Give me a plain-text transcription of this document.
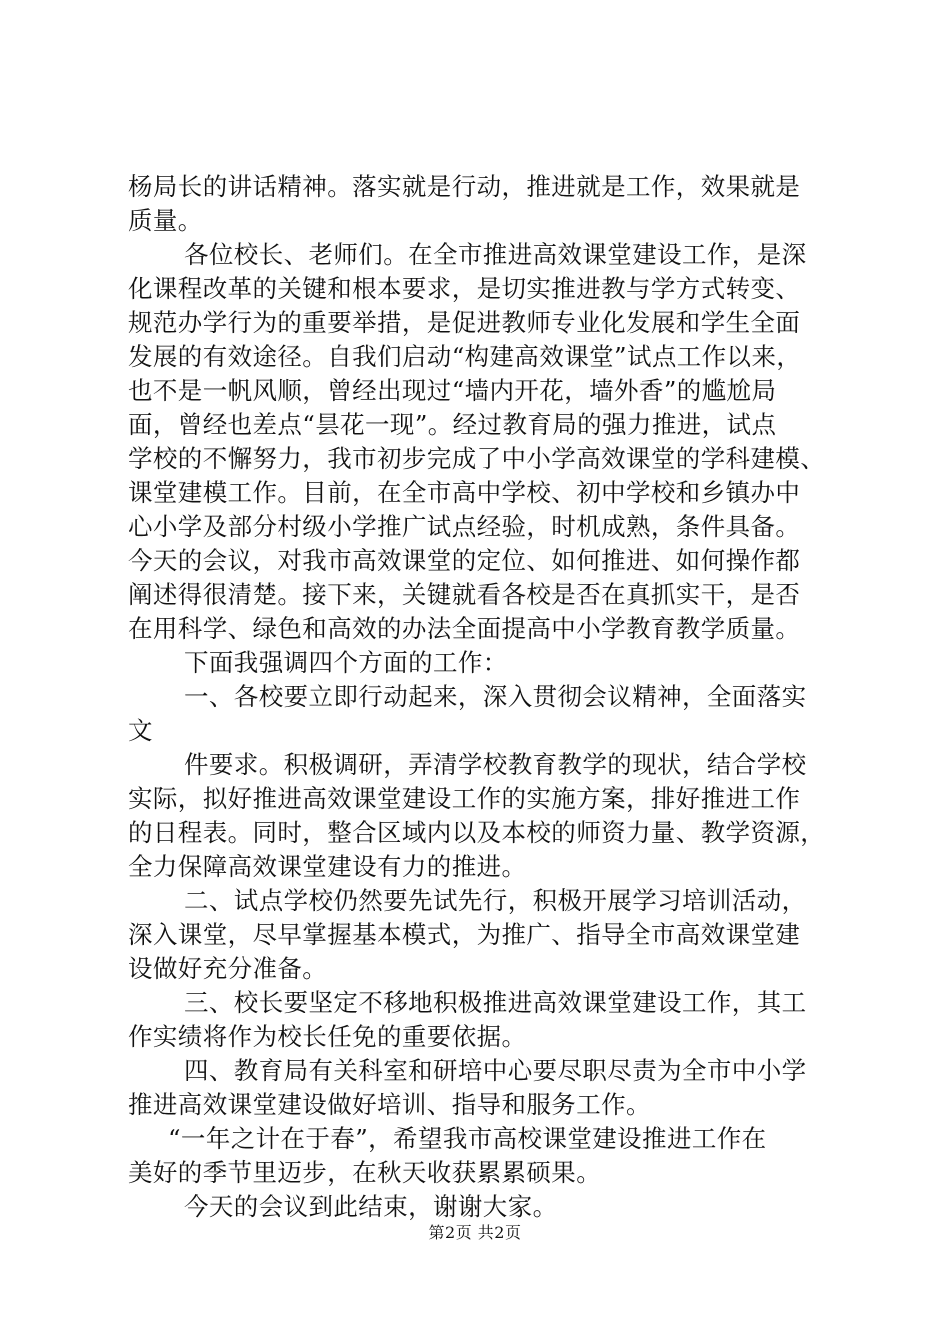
杨局长的讲话精神。落实就是行动，推进就是工作，效果就是
质量。
各位校长、老师们。在全市推进高效课堂建设工作，是深
化课程改革的关键和根本要求，是切实推进教与学方式转变、
规范办学行为的重要举措，是促进教师专业化发展和学生全面
发展的有效途径。自我们启动“构建高效课堂”试点工作以来，
也不是一帆风顺，曾经出现过“墙内开花，墙外香”的尴尬局
面，曾经也差点“昙花一现”。经过教育局的强力推进，试点
学校的不懈努力，我市初步完成了中小学高效课堂的学科建模、
课堂建模工作。目前，在全市高中学校、初中学校和乡镇办中
心小学及部分村级小学推广试点经验，时机成熟，条件具备。
今天的会议，对我市高效课堂的定位、如何推进、如何操作都
阐述得很清楚。接下来，关键就看各校是否在真抓实干，是否
在用科学、绿色和高效的办法全面提高中小学教育教学质量。
下面我强调四个方面的工作：
一、各校要立即行动起来，深入贯彻会议精神，全面落实
文
件要求。积极调研，弄清学校教育教学的现状，结合学校
实际，拟好推进高效课堂建设工作的实施方案，排好推进工作
的日程表。同时，整合区域内以及本校的师资力量、教学资源，
全力保障高效课堂建设有力的推进。
二、试点学校仍然要先试先行，积极开展学习培训活动，
深入课堂，尽早掌握基本模式，为推广、指导全市高效课堂建
设做好充分准备。
三、校长要坚定不移地积极推进高效课堂建设工作，其工
作实绩将作为校长任免的重要依据。
四、教育局有关科室和研培中心要尽职尽责为全市中小学
推进高效课堂建设做好培训、指导和服务工作。
“一年之计在于春”，希望我市高校课堂建设推进工作在
美好的季节里迈步，在秋天收获累累硕果。
今天的会议到此结束，谢谢大家。
第2页 共2页
